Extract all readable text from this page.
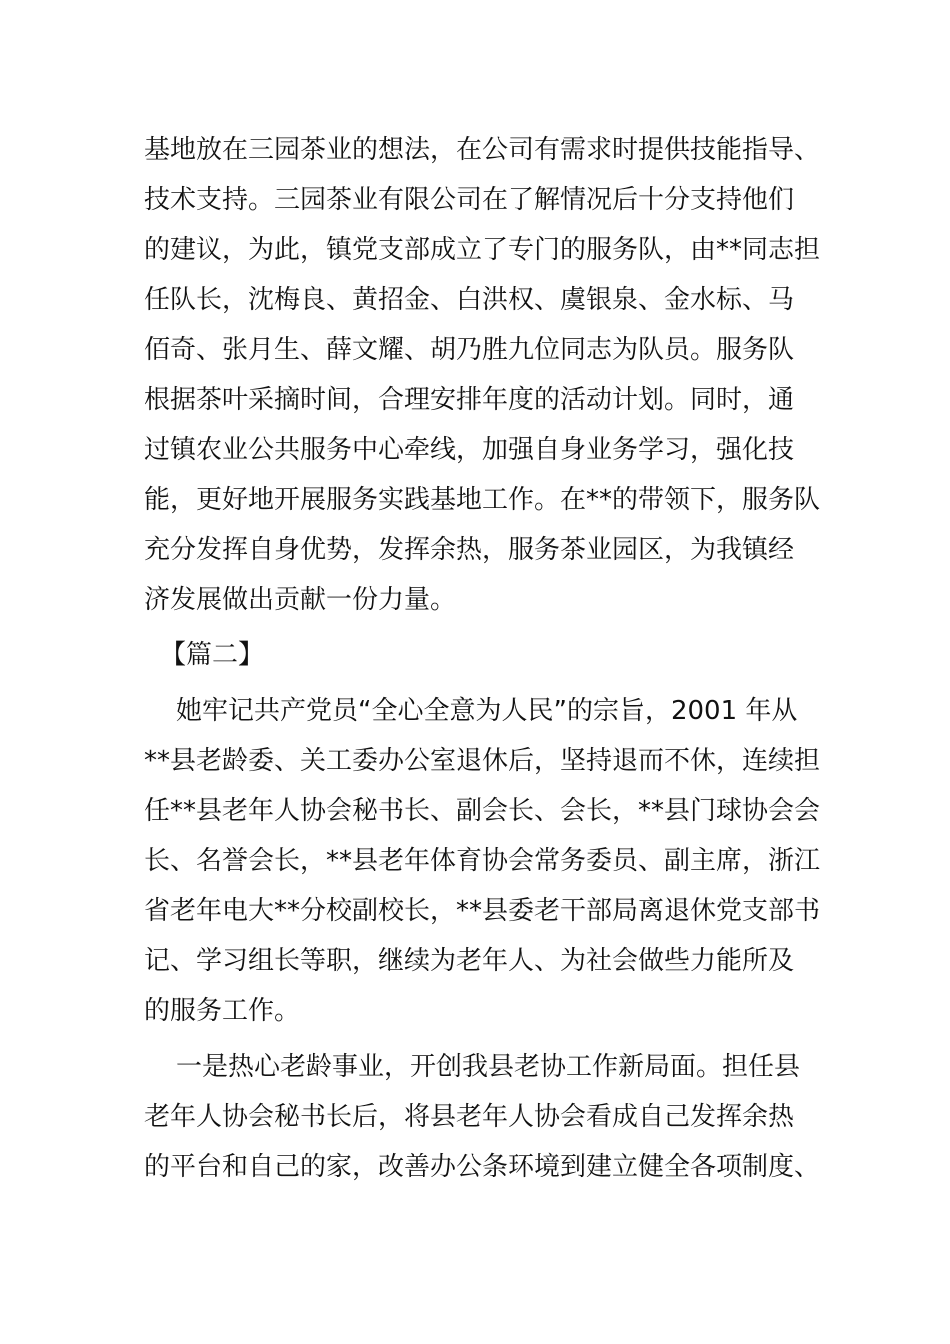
基地放在三园茶业的想法，在公司有需求时提供技能指导、
技术支持。三园茶业有限公司在了解情况后十分支持他们
的建议，为此，镇党支部成立了专门的服务队，由**同志担
任队长，沈梅良、黄招金、白洪权、虞银泉、金水标、马
佰奇、张月生、薛文耀、胡乃胜九位同志为队员。服务队
根据茶叶采摘时间，合理安排年度的活动计划。同时，通
过镇农业公共服务中心牵线，加强自身业务学习，强化技
能，更好地开展服务实践基地工作。在**的带领下，服务队
充分发挥自身优势，发挥余热，服务茶业园区，为我镇经
济发展做出贡献一份力量。
【篇二】
她牢记共产党员“全心全意为人民”的宗旨，2001 年从
**县老龄委、关工委办公室退休后，坚持退而不休，连续担
任**县老年人协会秘书长、副会长、会长，**县门球协会会
长、名誉会长，**县老年体育协会常务委员、副主席，浙江
省老年电大**分校副校长，**县委老干部局离退休党支部书
记、学习组长等职，继续为老年人、为社会做些力能所及
的服务工作。
一是热心老龄事业，开创我县老协工作新局面。担任县
老年人协会秘书长后，将县老年人协会看成自己发挥余热
的平台和自己的家，改善办公条环境到建立健全各项制度、
